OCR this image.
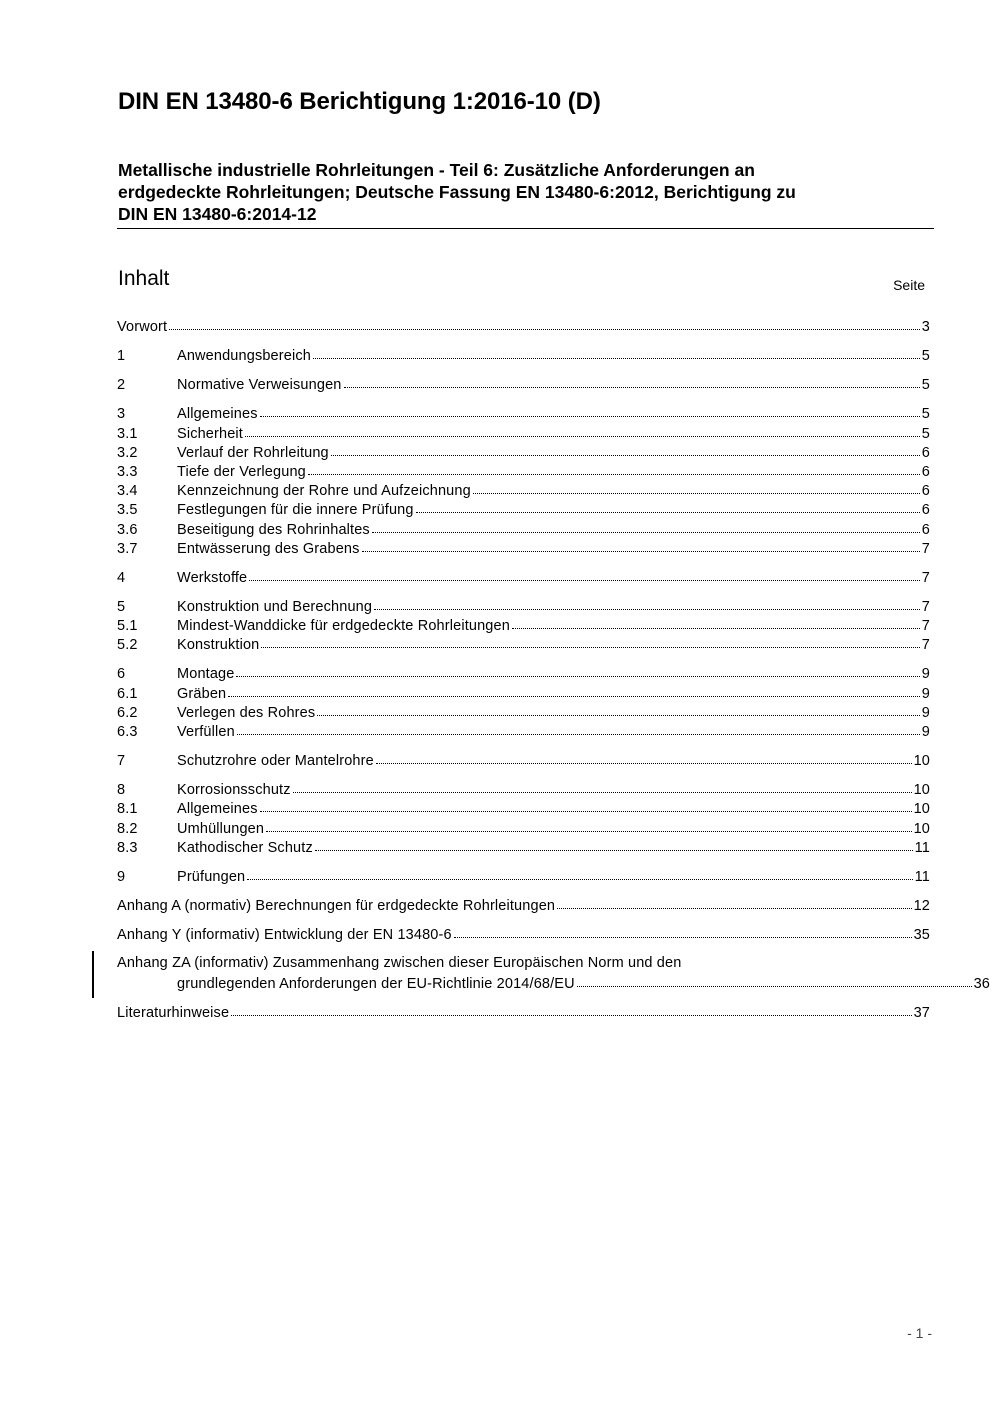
DIN EN 13480-6 Berichtigung 1:2016-10 (D)
Metallische industrielle Rohrleitungen - Teil 6: Zusätzliche Anforderungen an
erdgedeckte Rohrleitungen; Deutsche Fassung EN 13480-6:2012, Berichtigung zu
DIN EN 13480-6:2014-12
Inhalt	Seite
Vorwort	3
1	Anwendungsbereich	5
2	Normative Verweisungen	5
3	Allgemeines	5
3.1	Sicherheit	5
3.2	Verlauf der Rohrleitung	6
3.3	Tiefe der Verlegung	6
3.4	Kennzeichnung der Rohre und Aufzeichnung	6
3.5	Festlegungen für die innere Prüfung	6
3.6	Beseitigung des Rohrinhaltes	6
3.7	Entwässerung des Grabens	7
4	Werkstoffe	7
5	Konstruktion und Berechnung	7
5.1	Mindest-Wanddicke für erdgedeckte Rohrleitungen	7
5.2	Konstruktion	7
6	Montage	9
6.1	Gräben	9
6.2	Verlegen des Rohres	9
6.3	Verfüllen	9
7	Schutzrohre oder Mantelrohre	10
8	Korrosionsschutz	10
8.1	Allgemeines	10
8.2	Umhüllungen	10
8.3	Kathodischer Schutz	11
9	Prüfungen	11
Anhang A (normativ) Berechnungen für erdgedeckte Rohrleitungen	12
Anhang Y (informativ) Entwicklung der EN 13480-6	35
Anhang ZA (informativ) Zusammenhang zwischen dieser Europäischen Norm und den
grundlegenden Anforderungen der EU-Richtlinie 2014/68/EU	36
Literaturhinweise	37
- 1 -
